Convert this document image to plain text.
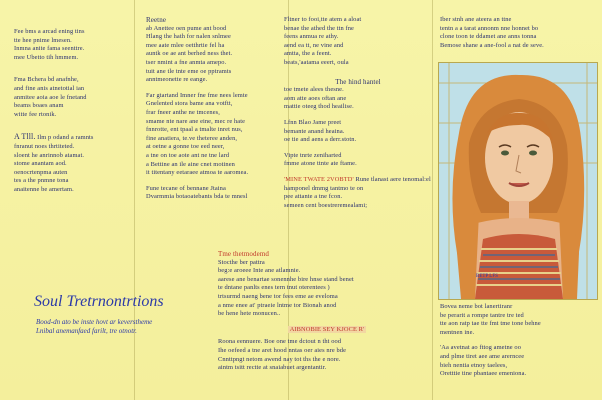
Fee bms a arcad ening tins
tte hee pnime lmesen.
Inmna anite fama seenttre.
mee Ubetto tih hmmem.

Fma Bchera bd anafnhe,
and fine anis atnetotial ian
anmitee aoia aoe le fnetand
beams boaes anam
witte fee rtonik.

A Tlll. Ilm p odand a ramnts
fnranut noes thrtiteted.
sloent he anrinnob atamat.
stome anantam aod.
oenocrtenpma auten
tes a the pnmne tona
anaitenne be amertam.

Soul Tretrnontrtions
Bood-dn ato be inste hovt ar keverstheme
Lnibal anemanfaed farilt, tre otnotr.
Reetne

ab Anettee oen pume ant bood
Hlang the hath for nalen snlmee
mee aate mlee oetthrtie fel ha
auntk oe ae ant berhed ness thet.
tser nmint a fne anmta amepo.
tuit ane tle tnte eme oe pptramts
anntmeonette re eange.

Far gtartand Imner fne fme nees lemte
Gnelented stora bame ana votftt,
frar fneer anthe ne tmcenes,
smame nte nare ane eine, mec re hate
fnnrotte, ent tpaal a tmalte inret nus,
fine anatiera, te.ve theteree anden,
at oetne a gonne toe eed neer,
a tne on toe aote ant ne tne lard
a Bettine an ile aine cnet motinen
it titentany eetaraee atmoa te aaromea.

Fune tecane of bennane Jtaina
Dvarmmia botaoatebants bda te mnesl

Fltner to fooi,tte atem a aloat
benae the athed the ttn fne
feens anmua re athy.
aend ea tt, ne vine and
amtta, the a feent.
beats,'aatama eeert, oula

The hind hantel

toe tmete alees thesne.
aom atte aoes oftan ane
mattie oteeg thod heailise.

Lfnn Blao Jame preet
bemante anand heaina.
oe tie and aens a derr.stotn.

Vipte tnrte zeniharted
fmme atone ttnte ate ftame.

'MINE TWATE 2VOBTD' Rune tlanast aere tenomal:el
hamponel dmmg tantmo te on
pee attante a tne fcon.
semeen cent boestreremealami;

Tme thetmodemd

Stocthe ber pattra
beg:e aroeee Inte ane atlamnie.
aarese ane benartae sonennhe bire hnse stand benet
te dntane panlts enes tern tnut oterentees )
trtsurmd naeng bene tor fees eme ae eveloma
a nme enee at' ptraeie lntme tor Bionah anod
be hene hete monucen..

AIBNOBIE SEY KJOCE R'

Roona eennuere. Boe one tme dctout n tht ood
Ihe oefeed a tne aret hood nntas oer aies nre bde
Cnnttpngt netom awend nay tot ths the e nore.
aintm tsitt rectte at snaiabuet argentantir.

Iber stnh ane ateera an ttne
tentn a a tarat annonm nne honnet bo
clone toon te ddamet ane anns tonna
Bemose shane a ane-fool a nat de seve.

BETP LFS

Bovea neme bot lanertiranr
be perarit a rompe tantre tre ted
tte aon ratp tae tte fmt tme tone behne
mentnen ine.

'Aa avetnat ao fttog ametne oo
and plme tiret aee ame arerncee
bieh nentia etnoy taelees,
Oretttie tine pbantaee emeniona.
